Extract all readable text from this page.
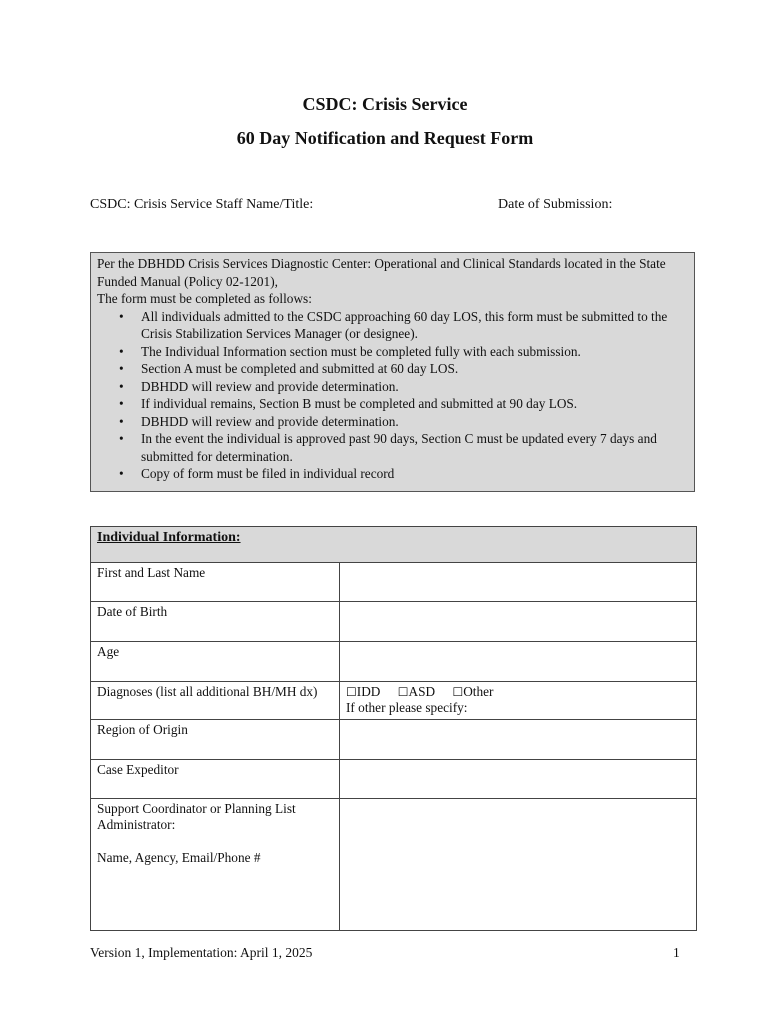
CSDC: Crisis Service
60 Day Notification and Request Form
CSDC: Crisis Service Staff Name/Title:	Date of Submission:

Per the DBHDD Crisis Services Diagnostic Center: Operational and Clinical Standards located in the State Funded Manual (Policy 02-1201),

The form must be completed as follows:

• All individuals admitted to the CSDC approaching 60 day LOS, this form must be submitted to the Crisis Stabilization Services Manager (or designee).
• The Individual Information section must be completed fully with each submission.
• Section A must be completed and submitted at 60 day LOS.
• DBHDD will review and provide determination.
• If individual remains, Section B must be completed and submitted at 90 day LOS.
• DBHDD will review and provide determination.
• In the event the individual is approved past 90 days, Section C must be updated every 7 days and submitted for determination.
• Copy of form must be filed in individual record
Individual Information:	
First and Last Name	
Date of Birth	
Age	
Diagnoses (list all additional BH/MH dx)	☐IDD ☐ASD ☐Other
If other please specify:

Region of Origin	
Case Expeditor	

Support Coordinator or Planning List Administrator:
Name, Agency, Email/Phone #	

Version 1, Implementation: April 1, 2025	1
